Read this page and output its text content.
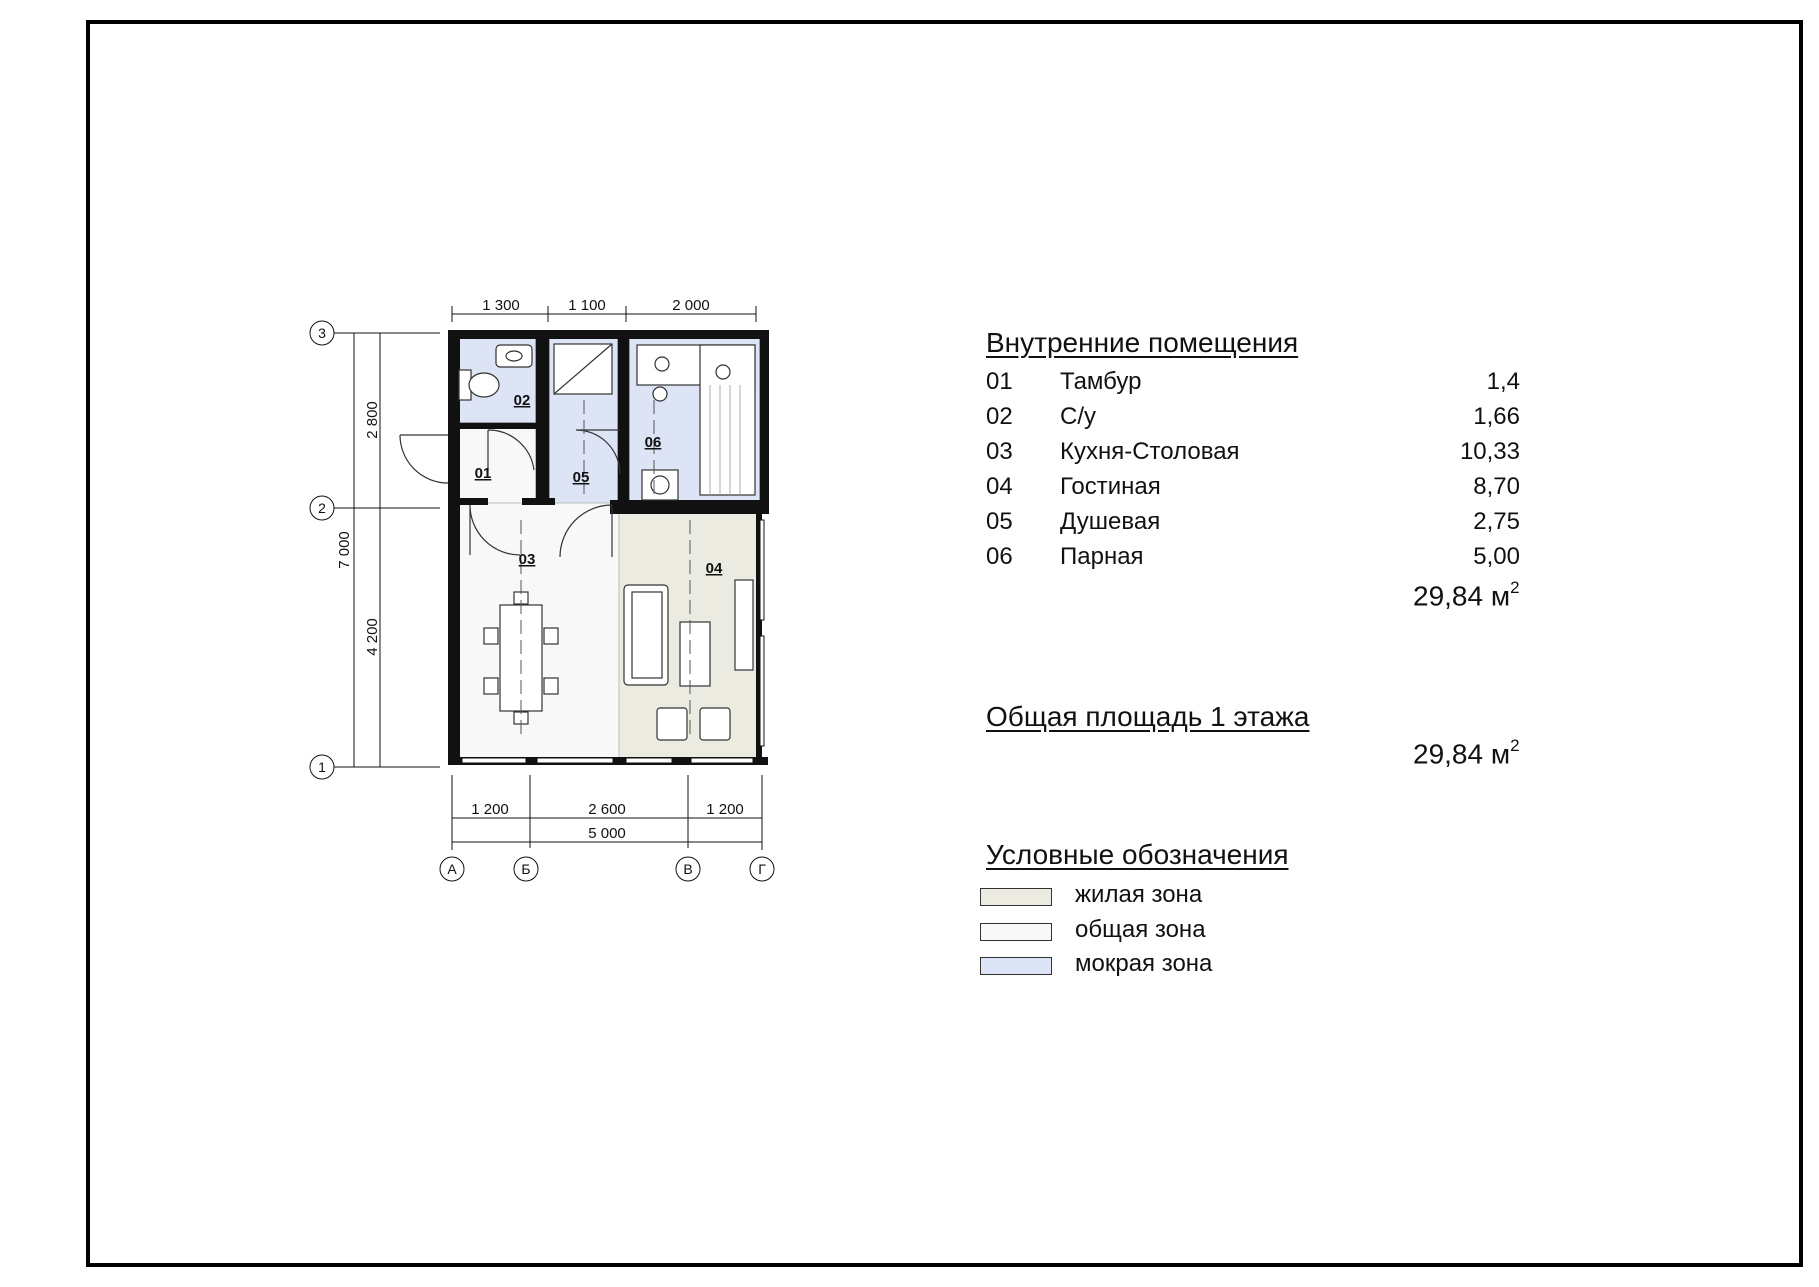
1 300	1 100	2 000
2 800
7 000
4 200
1 200	2 600	1 200
5 000
3
2
1
А	Б	В	Г
01
02
03
04
05
06
Внутренние помещения
01 Тамбур	1,4
02 С/у	1,66
03 Кухня-Столовая	10,33
04 Гостиная	8,70
05 Душевая	2,75
06 Парная	5,00
29,84 $м^2$
Общая площадь 1 этажа
29,84 $м^2$
Условные обозначения
жилая зона
общая зона
мокрая зона
